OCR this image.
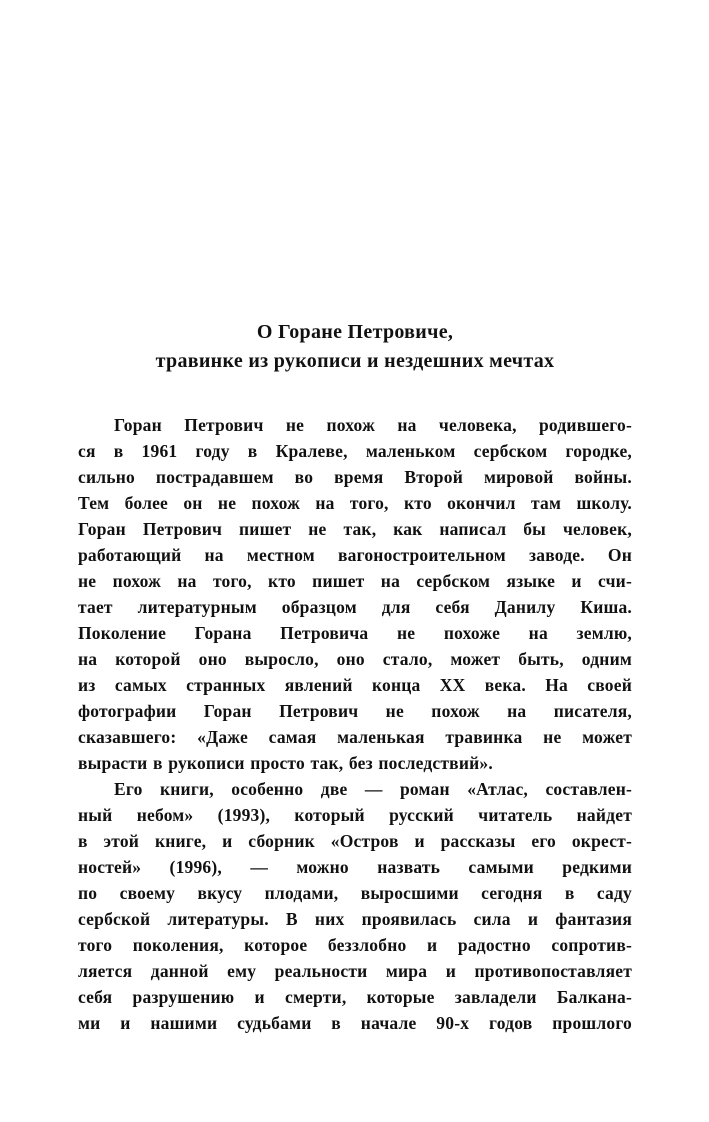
О Горане Петровиче,
травинке из рукописи и нездешних мечтах
Горан Петрович не похож на человека, родившего-
ся в 1961 году в Кралеве, маленьком сербском городке,
сильно пострадавшем во время Второй мировой войны.
Тем более он не похож на того, кто окончил там школу.
Горан Петрович пишет не так, как написал бы человек,
работающий на местном вагоностроительном заводе. Он
не похож на того, кто пишет на сербском языке и счи-
тает литературным образцом для себя Данилу Киша.
Поколение Горана Петровича не похоже на землю,
на которой оно выросло, оно стало, может быть, одним
из самых странных явлений конца XX века. На своей
фотографии Горан Петрович не похож на писателя,
сказавшего: «Даже самая маленькая травинка не может
вырасти в рукописи просто так, без последствий».
Его книги, особенно две — роман «Атлас, составлен-
ный небом» (1993), который русский читатель найдет
в этой книге, и сборник «Остров и рассказы его окрест-
ностей» (1996), — можно назвать самыми редкими
по своему вкусу плодами, выросшими сегодня в саду
сербской литературы. В них проявилась сила и фантазия
того поколения, которое беззлобно и радостно сопротив-
ляется данной ему реальности мира и противопоставляет
себя разрушению и смерти, которые завладели Балкана-
ми и нашими судьбами в начале 90-х годов прошлого
